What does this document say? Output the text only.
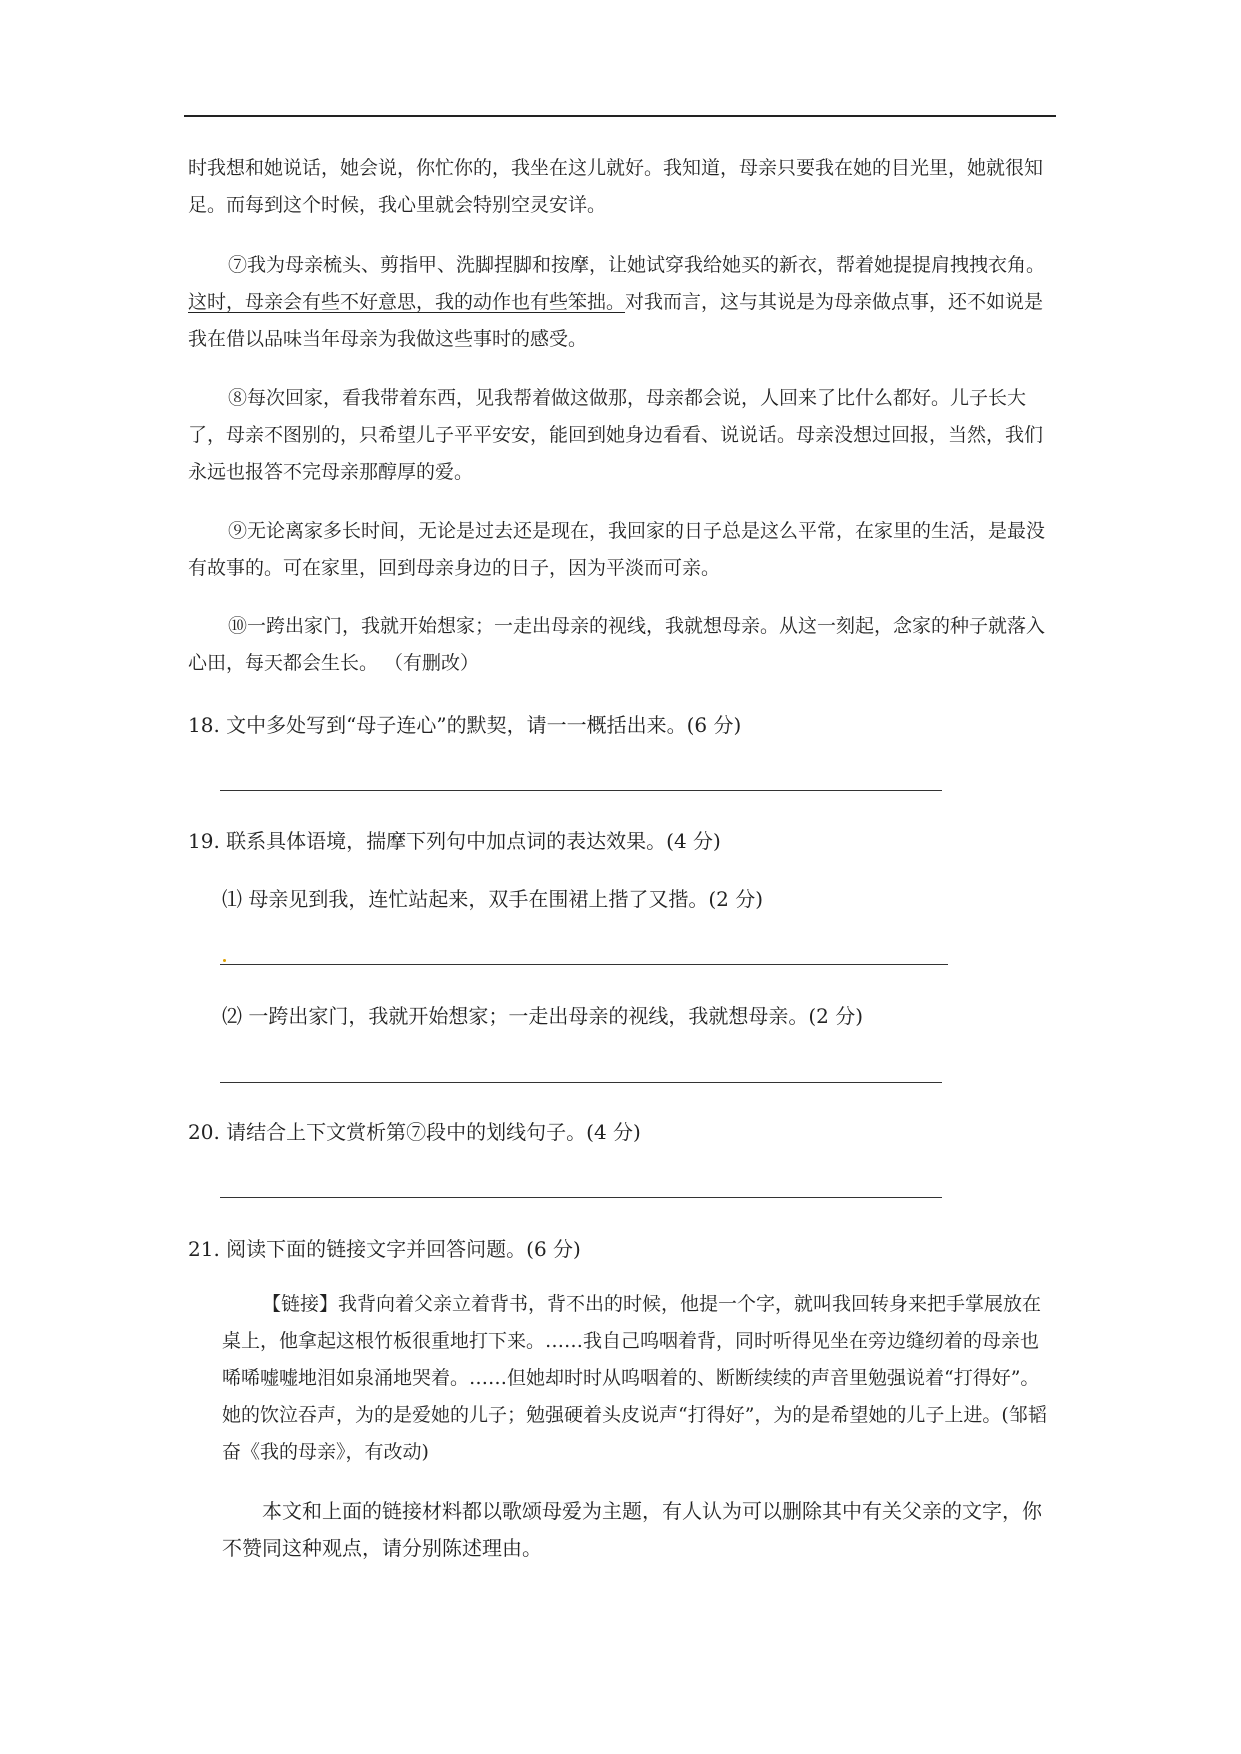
时我想和她说话，她会说，你忙你的，我坐在这儿就好。我知道，母亲只要我在她的目光里，她就很知足。而每到这个时候，我心里就会特别空灵安详。

⑦我为母亲梳头、剪指甲、洗脚捏脚和按摩，让她试穿我给她买的新衣，帮着她提提肩拽拽衣角。这时，母亲会有些不好意思，我的动作也有些笨拙。对我而言，这与其说是为母亲做点事，还不如说是我在借以品味当年母亲为我做这些事时的感受。

⑧每次回家，看我带着东西，见我帮着做这做那，母亲都会说，人回来了比什么都好。儿子长大了，母亲不图别的，只希望儿子平平安安，能回到她身边看看、说说话。母亲没想过回报，当然，我们永远也报答不完母亲那醇厚的爱。

⑨无论离家多长时间，无论是过去还是现在，我回家的日子总是这么平常，在家里的生活，是最没有故事的。可在家里，回到母亲身边的日子，因为平淡而可亲。

⑩一跨出家门，我就开始想家；一走出母亲的视线，我就想母亲。从这一刻起，念家的种子就落入心田，每天都会生长。 （有删改）

18. 文中多处写到“母子连心”的默契，请一一概括出来。(6 分)

19. 联系具体语境，揣摩下列句中加点词的表达效果。(4 分)

⑴ 母亲见到我，连忙站起来，双手在围裙上揩了又揩。(2 分)

⑵ 一跨出家门，我就开始想家；一走出母亲的视线，我就想母亲。(2 分)

20. 请结合上下文赏析第⑦段中的划线句子。(4 分)

21. 阅读下面的链接文字并回答问题。(6 分)

【链接】我背向着父亲立着背书，背不出的时候，他提一个字，就叫我回转身来把手掌展放在桌上，他拿起这根竹板很重地打下来。……我自己呜咽着背，同时听得见坐在旁边缝纫着的母亲也唏唏嘘嘘地泪如泉涌地哭着。……但她却时时从呜咽着的、断断续续的声音里勉强说着“打得好”。她的饮泣吞声，为的是爱她的儿子；勉强硬着头皮说声“打得好”，为的是希望她的儿子上进。(邹韬奋《我的母亲》，有改动)

本文和上面的链接材料都以歌颂母爱为主题，有人认为可以删除其中有关父亲的文字，你不赞同这种观点，请分别陈述理由。
